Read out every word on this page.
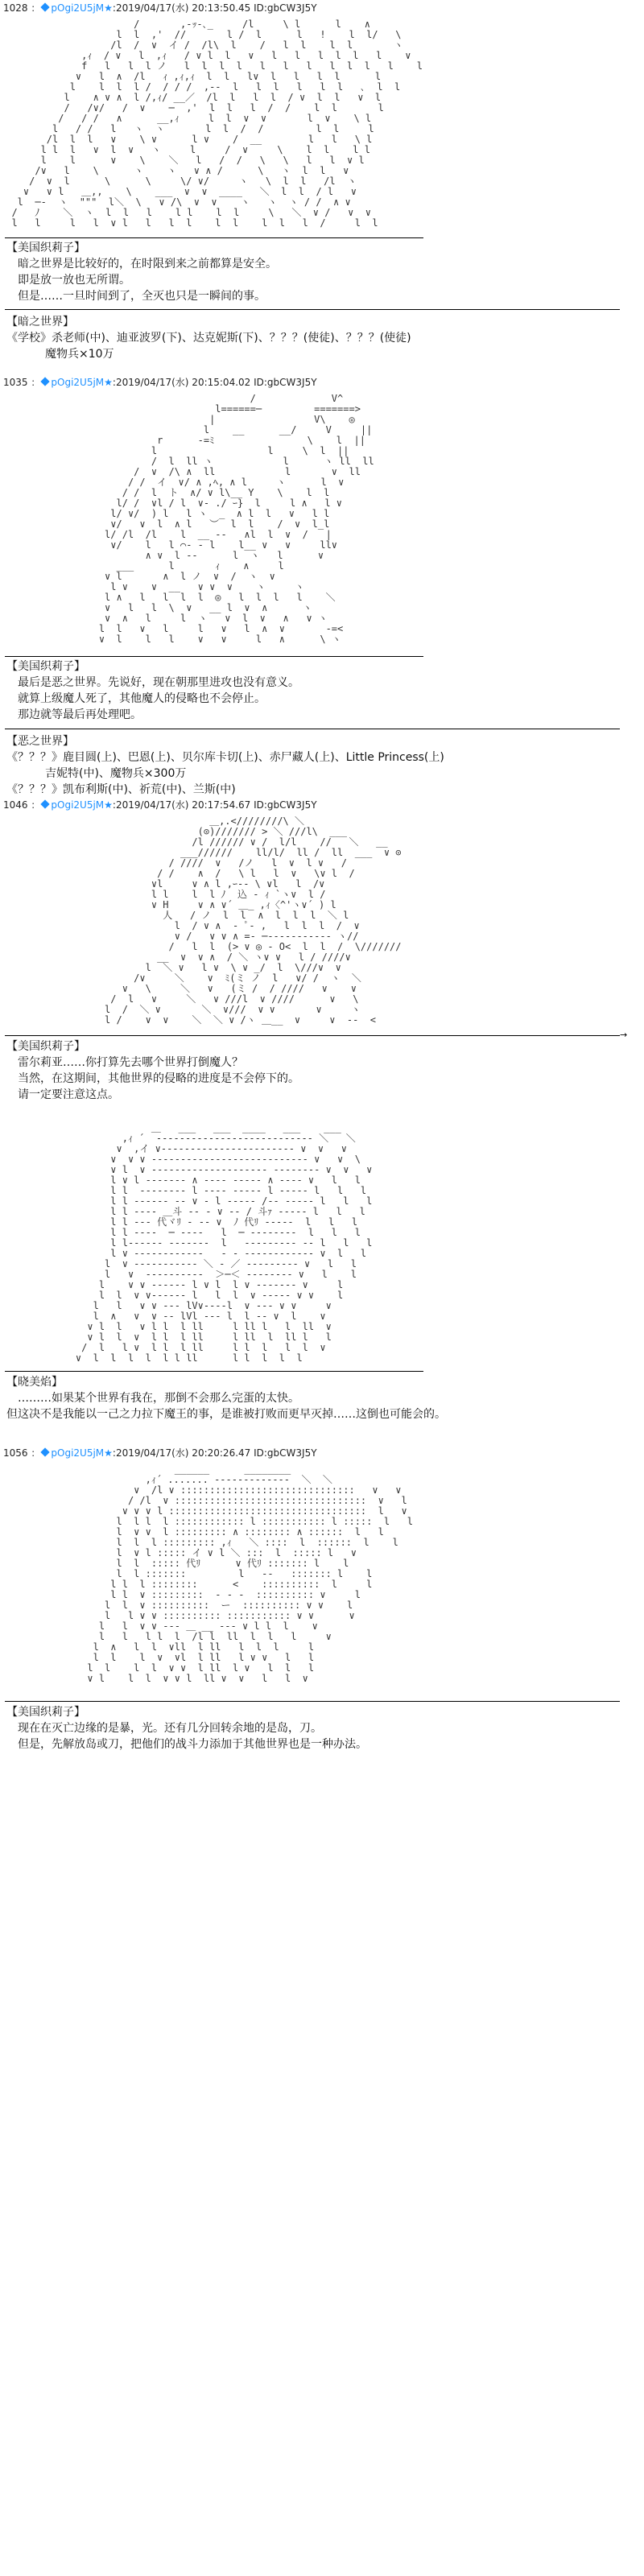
1028 ： pOgi2U5jM★:2019/04/17(水) 20:13:50.45 ID:gbCW3J5Y
/       ,-ｯ‐､_     /l     \ l      l    ∧
l  l  ,'  //       l /  l      l   !    l  l/   \
/l  /  ∨  イ /  /l\  l    /   l  l    l  l       ヽ
,ｨ  / ∨   l  ,ｨ   / ∨ l  l   ∨   l   l   l  l  l   l    ∨
f   l   l  l ノ   l  l  l  l   l   l   l   l  l  l   l    l
∨   l  ∧  /l   ｨ ,ｨ,ｨ  l  l   l∨  l   l   l  l      l
l    l  l  l /  / / /  ,-‐  l   l  l   l   l  l   ､  l  l
l    ∧ ∨ ∧  l /,ｨ/ __／  /l  l   l  l  / ∨  l  l   ∨  l
/   /∨/   /  ∨    ─  ,'  l  l   l  /  /    l  l       l
/   / /   ∧      __,ｨ     l  l  ∨  ∨       l  ∨    \ l
l   / /   l   ヽ  ヽ       l  l  /  /         l  l     l
/l  l  l   ∨    \ ∨      l ∨    /  __        l   l   \ l
l l  l   ∨  l  ∨   ヽ     l     /  ∨     \    l  l    l l
l    l      ∨    \    ＼   l   /  /   \   \   l   l  ∨ l
/∨   l    \      ヽ    ヽ   ∨ ∧ /      \   ヽ  l  l   ∨
/  ∨  l      \      \     \/ ∨/     ヽ   \  l  l   /l  ヽ
∨   ∨ l   ＿,,    \    ___  ∨  ∨  ____   ＼  l  l  / l   ∨
l  ─‐  ヽ  """  l＼  \   ∨ /\  ∨  ∨    ヽ   ヽ  ヽ / /  ∧ ∨
/   ﾉ    ＼  ヽ  l  l   l    l l    l  l     \   ＼  ∨ /   ∨  ∨
l   l     l   l  ∨ l   l   l  l    l  l    l  l   l  /     l  l
【美国织莉子】
暗之世界是比较好的，在时限到来之前都算是安全。
即是放一放也无所谓。
但是……一旦时间到了，全灭也只是一瞬间的事。
【暗之世界】
《学校》杀老师(中)、迪亚波罗(下)、达克妮斯(下)、？？？(使徒)、？？？(使徒)
魔物兵×10万
1035 ： pOgi2U5jM★:2019/04/17(水) 20:15:04.02 ID:gbCW3J5Y
/             V^
l======─         =======>
|                 V\    ◎
l    __      __/     V     ||
r      ‐=ﾐ                \    l  ||
l                   l     \  l  ||
/  l  ll ヽ            l      ヽ ll  ll
/  ∨  /\ ∧  ll            l       ∨  ll
/ /  イ  ∨/ ∧ ,ﾍ, ∧ l     ヽ      l  ∨
/ /  l  ト  ∧/ ∨ l\__ Y    \    l  l
l/ /  ∨l / l  ∨‐ ./ ｰ}  l     l ∧   l ∨
l/ ∨/  ) l   l ヽ  _  ∧ l  l   ∨   l l
∨/   ∨  l  ∧ l   ︶  l  l    /  ∨  l_l
l/ /l  /l    l  __ -‐   ∧l  l  ∨  /   |
∨/    l   l ⌒‐ ‐ l    l__ ∨   ∨     ll∨
∧ ∨  l ‐‐      l  ヽ   l      ∨
___      l       ｨ    ∧     l
∨ l       ∧  l ノ  ∨  /  ヽ  ∨
l ∨    ∨  __   ∨ ∨  ∨    ヽ     ヽ
l ∧   l   l  l  l  ◎   l  l  l   l    ＼
∨   l   l  \  ∨   __ l  ∨  ∧      ヽ
∨  ∧   l     l  ヽ   ∨  l  ∨   ∧   ∨ ヽ
l  l   ∨   l     l   ∨   l  ∧  ∨       ‐=<
∨  l    l   l    ∨   ∨     l   ∧      \ ヽ
【美国织莉子】
最后是恶之世界。先说好，现在朝那里进攻也没有意义。
就算上级魔人死了，其他魔人的侵略也不会停止。
那边就等最后再处理吧。
【恶之世界】
《？？？》鹿目圆(上)、巴恩(上)、贝尔库卡切(上)、赤尸藏人(上)、Little Princess(上)
吉妮特(中)、魔物兵×300万
《？？？》凯布利斯(中)、祈荒(中)、兰斯(中)
1046 ： pOgi2U5jM★:2019/04/17(水) 20:17:54.67 ID:gbCW3J5Y
＿,.<////////\ ＼
(⊙)/////// > ＼ ///l\  ___
/l ////// ∨ /  l/l    //   ＼   __
___//////    ll/l/  ll /  ll  ___  ∨ ⊙
/ ////  ∨   /ノ   l  ∨  l ∨   /
/ /    ∧  /   \ l   l  ∨   \∨ l  /
∨l     ∨ ∧ l ,ｰ-‐ \ ∨l   l  /∨
l l    l  l ﾉ  込 ‐ ｨ `ヽ∨  l /
∨ H     ∨ ∧ ∨´ ＿_ ,ｨ〈^'ヽ∨´ ) l
人   / ノ  l  l  ∧  l  l  l  ＼ l
l  / ∨ ∧  ‐ ﾟ‐ ,   l  l  l  /  ∨
∨ /   ∨ ∨ ∧ =‐ ─‐‐‐‐‐‐‐‐‐‐‐ ヽ//
/   l  l  (> ∨ ◎ ‐ O<  l  l  /  \///////
__  ∨  ∨ ∧  / ＼ ヽ∨ ∨   l / ////∨
l  ＼ ∨   l ∨  \ ∨ _/  l  \///∨  ∨
/∨     ＼    ∨  ﾐ(ミ ノ  l   ∨/ /  ヽ  ＼
∨   \     ＼   ∨   (ミ /  / ////   ∨    ∨
/  l   ∨     ＼   ∨ ///l  ∨ ////      ∨   \
l  /  ＼ ∨       ＼  ∨///  ∨ ∨       ∨     ヽ
l /    ∨  ∨    ＼  ＼ ∨ /ヽ ＿__  ∨     ∨  ‐‐  <
→
【美国织莉子】
雷尔莉亚……你打算先去哪个世界打倒魔人？
当然，在这期间，其他世界的侵略的进度是不会停下的。
请一定要注意这点。
＿   ___   ___  ____   ___    ___
,ｨ ´  ‐‐‐‐‐‐‐‐‐‐‐‐‐‐‐‐‐‐‐‐‐‐‐‐‐‐‐ ＼   ＼
∨  ,イ ∨‐‐‐‐‐‐‐‐‐‐‐‐‐‐‐‐‐‐‐‐‐‐‐ ∨  ∨   ∨
∨  ∨ ∨ ‐‐‐‐‐‐‐‐‐‐‐‐‐‐‐‐‐‐‐‐‐‐‐‐‐‐‐ ∨   ∨  \
∨ l  ∨ ‐‐‐‐‐‐‐‐‐‐‐‐‐‐‐‐‐‐‐‐ ‐‐‐‐‐‐‐‐ ∨  ∨   ∨
l ∨ l ‐‐‐‐‐‐‐ ∧ ‐‐‐‐ ‐‐‐‐‐ ∧ ‐‐‐‐ ∨   l   l
l l  ‐‐‐‐‐‐‐‐ l ‐‐‐‐ ‐‐‐‐‐ l ‐‐‐‐‐ l   l   l
l l ‐‐‐‐‐‐ ‐‐ ∨ ‐ l ‐‐‐‐‐ /‐‐ ‐‐‐‐‐ l   l   l
l l ‐‐‐‐ ＿斗 ‐‐ ‐ ∨ ‐‐ / 斗ｧ ‐‐‐‐‐ l   l   l
l l ‐‐‐ 代ヾﾘ ‐ ‐‐ ∨  ﾉ 代ﾘ ‐‐‐‐‐  l   l   l
l l ‐‐‐‐  ─ ‐‐‐‐   l  ─ ‐‐‐‐‐‐‐‐  l   l   l
l l‐‐‐‐‐‐ ‐‐‐‐‐‐‐  l   ‐‐‐‐‐‐‐‐‐ ‐‐ l   l   l
l ∨ ‐‐‐‐‐‐‐‐‐‐‐‐   ‐ ‐ ‐‐‐‐‐‐‐‐‐‐‐‐ ∨  l   l
l  ∨ ‐‐‐‐‐‐‐‐‐‐‐ ＼ ‐ ／ ‐‐‐‐‐‐‐‐‐ ∨   l   l
l   ∨  ‐‐‐‐‐‐‐‐‐‐  ＞─＜ ‐‐‐‐‐‐‐‐ ∨   l    l
l    ∨ ∨ ‐‐‐‐‐‐ l ∨ l  l ∨ ‐‐‐‐‐‐‐ ∨     l
l  l  ∨ ∨‐‐‐‐‐‐ l   l  l  ∨ ‐‐‐‐‐ ∨ ∨    l
l   l   ∨ ∨ ‐‐‐ lV∨‐‐‐‐l  ∨ ‐‐‐ ∨ ∨     ∨
l  ∧   ∨  ∨ ‐‐ lVl ‐‐‐ l  l ‐‐ ∨  l    ∨
∨ l  l   ∨ l l  l ll     l ll l   l  ll  ∨
∨ l  l  ∨  l l  l ll     l ll  l  ll l   l
/  l   l ∨  l l  l ll     l l  l   l  l  ∨
∨  l  l  l  l  l l ll      l l  l  l  l
【晓美焰】
………如果某个世界有我在，那倒不会那么完蛋的太快。
但这决不是我能以一己之力拉下魔王的事，是谁被打败而更早灭掉……这倒也可能会的。
1056 ： pOgi2U5jM★:2019/04/17(水) 20:20:26.47 ID:gbCW3J5Y
______      ________
,ｨ´ ....... ‐‐‐‐‐‐‐‐‐‐‐‐‐  ＼  ＼
∨  /l ∨ ::::::::::::::::::::::::::::::   ∨   ∨
/ /l  ∨ :::::::::::::::::::::::::::::::::  ∨   l
∨ ∨ ∨ l ::::::::::::::::::::::::::::::::::  l   ∨
l  l l  l :::::::::::: l ::::::::::: l :::::  l   l
l  ∨ ∨  l ::::::::: ∧ :::::::: ∧ ::::::  l   l
l  l  l ::::::::: ,ｨ   ＼ ::::  l  ::::::  l    l
l  ∨ l ::::: イ ∨ l ＼ :::  l  ::::: l   ∨
l  l  ::::: 代ﾘ      ∨ 代ﾘ ::::::: l    l
l  l :::::::         l   ‐‐   ::::::: l    l
l l  l ::::::::      <    ::::::::::  l     l
l l  ∨ :::::::::  ‐ ‐ ‐  :::::::::: ∨     l
l  l  ∨ ::::::::::  ー  :::::::::: ∨ ∨    l
l   l ∨ ∨ :::::::::: ::::::::::: ∨ ∨      ∨
l   l  ∨ ∨ ‐‐‐ ＿ __ ‐‐‐ ∨ l l  l    ∨
l   l   l l  l  /l l  ll  l  l   l     ∨
l  ∧   l  l  ∨ll  l ll   l  l  l     l
l  l    l  ∨  ∨l  l ll   l ∨ ∨   l   l
l  l    l  l  ∨ ∨  l ll  l ∨   l  l   l
∨ l    l  l  ∨ ∨ l  ll ∨  ∨   l   l  ∨
【美国织莉子】
现在在灭亡边缘的是暴，光。还有几分回转余地的是岛，刀。
但是，先解放岛或刀，把他们的战斗力添加于其他世界也是一种办法。
